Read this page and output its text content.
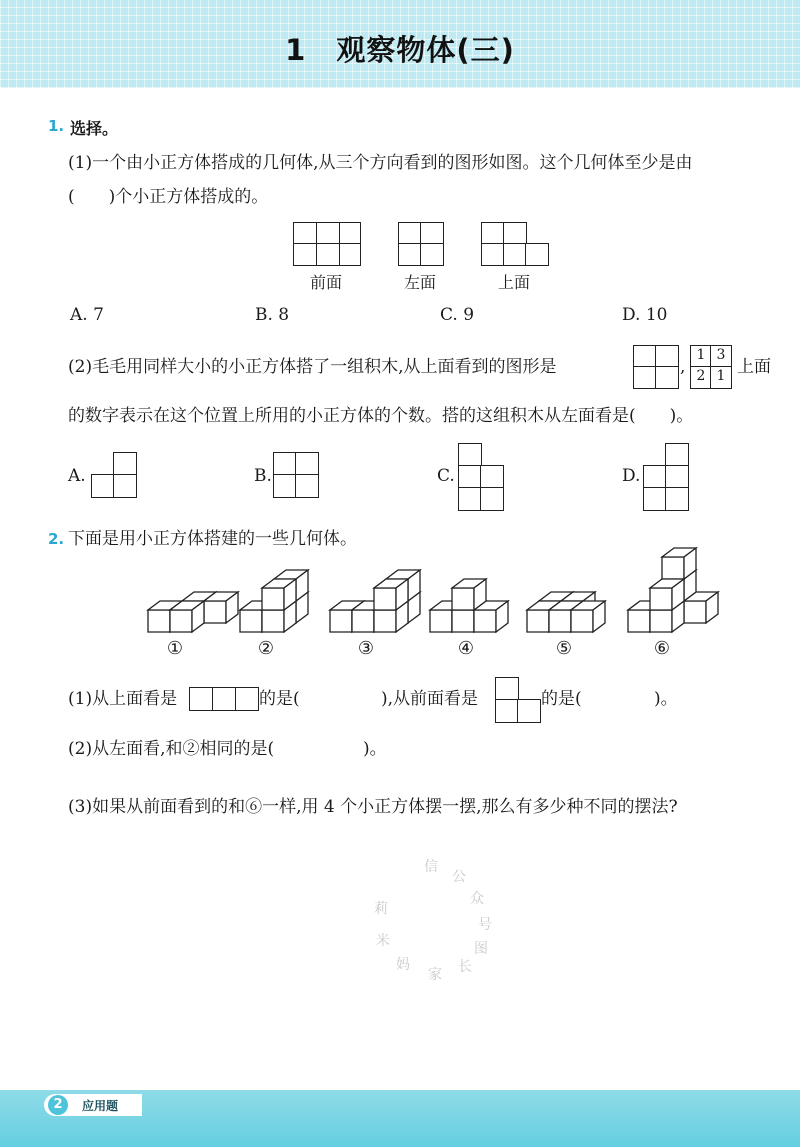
1　观察物体(三)
1. 选择。
(1)一个由小正方体搭成的几何体,从三个方向看到的图形如图。这个几何体至少是由
(　　)个小正方体搭成的。
前面	左面	上面
A. 7	B. 8	C. 9	D. 10
(2)毛毛用同样大小的小正方体搭了一组积木,从上面看到的图形是	,
1 3
2 1 上面
的数字表示在这个位置上所用的小正方体的个数。搭的这组积木从左面看是(　　)。
A.	B.	C.	D.
2. 下面是用小正方体搭建的一些几何体。
①	②	③	④	⑤	⑥
(1)从上面看是	的是(	),从前面看是	的是(	)。
(2)从左面看,和②相同的是(	)。
(3)如果从前面看到的和⑥一样,用 4 个小正方体摆一摆,那么有多少种不同的摆法?
信
公
众
号
图
长
家
妈
米
莉
2	应用题
